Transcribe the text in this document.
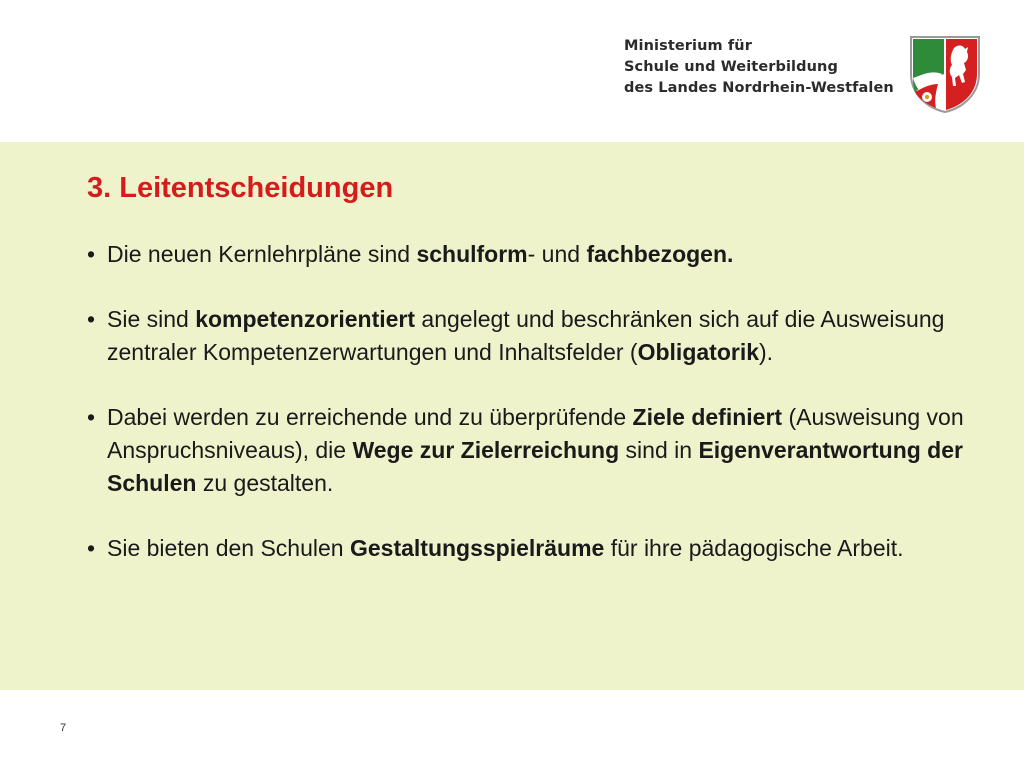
Ministerium für
Schule und Weiterbildung
des Landes Nordrhein-Westfalen
3. Leitentscheidungen
• Die neuen Kernlehrpläne sind schulform- und fachbezogen.
• Sie sind kompetenzorientiert angelegt und beschränken sich auf die Ausweisung zentraler Kompetenzerwartungen und Inhaltsfelder (Obligatorik).
• Dabei werden zu erreichende und zu überprüfende Ziele definiert (Ausweisung von Anspruchsniveaus), die Wege zur Zielerreichung sind in Eigenverantwortung der Schulen zu gestalten.
• Sie bieten den Schulen Gestaltungsspielräume für ihre pädagogische Arbeit.
7
